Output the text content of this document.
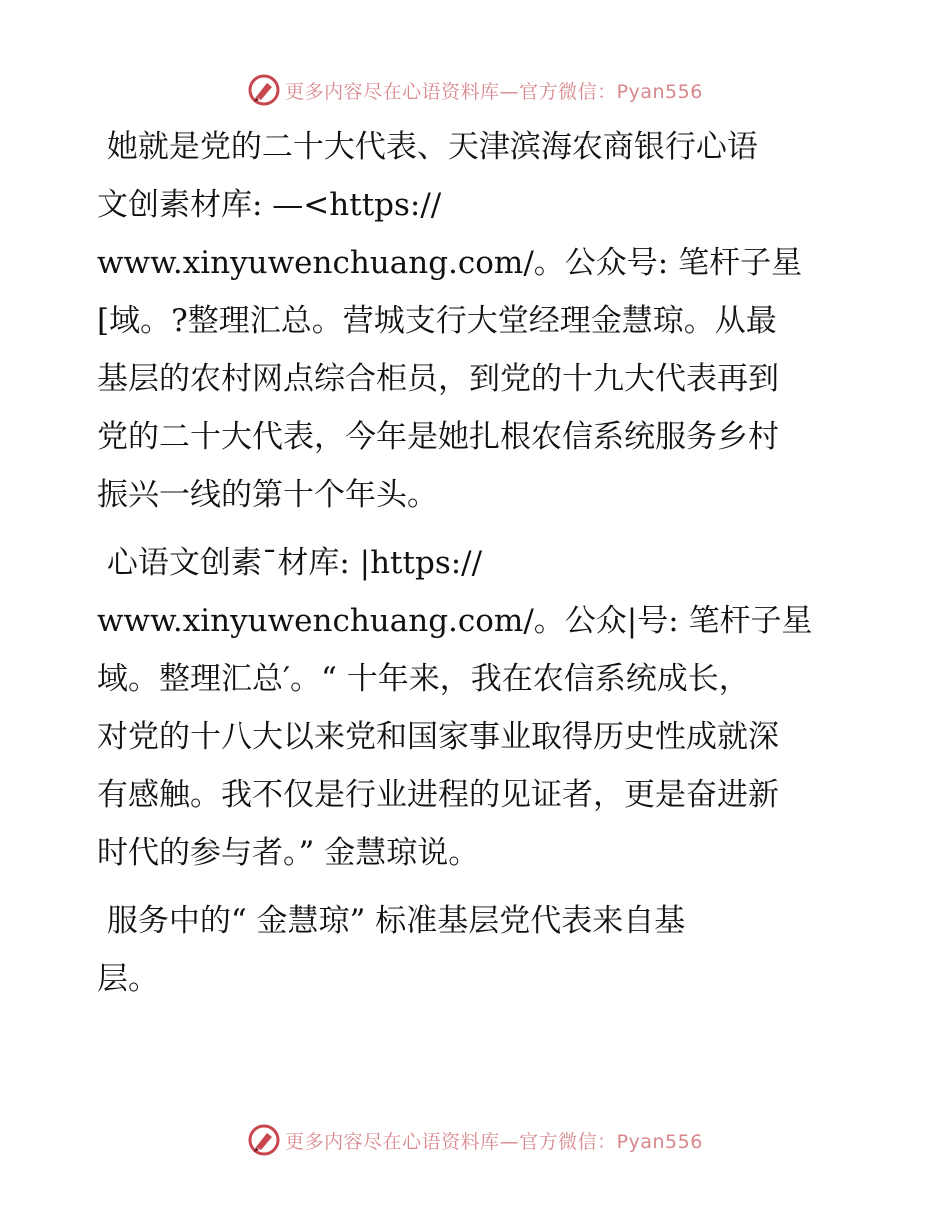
更多内容尽在心语资料库—官方微信：Pyan556

她就是党的二十大代表、天津滨海农商银行心语
文创素材库: —<https://
www.xinyuwenchuang.com/。公众号: 笔杆子星
[域。?整理汇总。营城支行大堂经理金慧琼。从最
基层的农村网点综合柜员，到党的十九大代表再到
党的二十大代表，今年是她扎根农信系统服务乡村
振兴一线的第十个年头。

心语文创素¯材库: |https://
www.xinyuwenchuang.com/。公众|号: 笔杆子星
域。整理汇总′。“ 十年来，我在农信系统成长，
对党的十八大以来党和国家事业取得历史性成就深
有感触。我不仅是行业进程的见证者，更是奋进新
时代的参与者。” 金慧琼说。

服务中的“ 金慧琼” 标准基层党代表来自基
层。

更多内容尽在心语资料库—官方微信：Pyan556
